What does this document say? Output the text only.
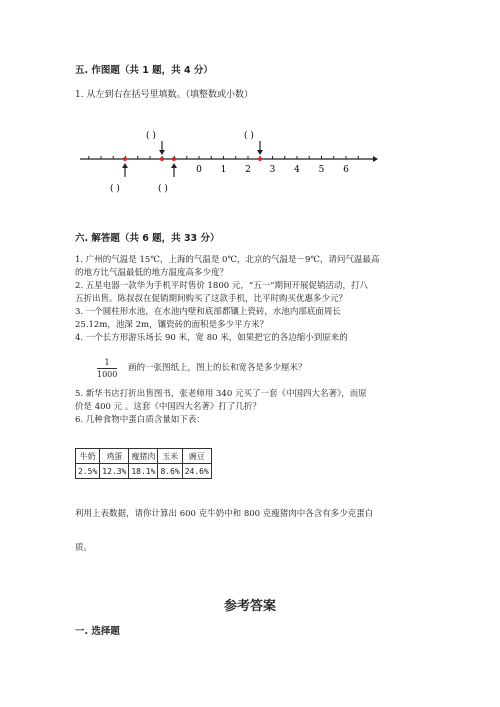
五. 作图题（共 1 题，共 4 分）
1. 从左到右在括号里填数。（填整数或小数）
( )	( )
0 1 2 3 4 5 6
( )	( )
六. 解答题（共 6 题，共 33 分）
1. 广州的气温是 15℃，上海的气温是 0℃，北京的气温是－9℃，请问气温最高
的地方比气温最低的地方温度高多少度？
2. 五星电器一款华为手机平时售价 1800 元，“五一”期间开展促销活动，打八
五折出售。陈叔叔在促销期间购买了这款手机，比平时购买优惠多少元？
3. 一个圆柱形水池，在水池内壁和底部都镶上瓷砖，水池内部底面周长
25.12m，池深 2m，镶瓷砖的面积是多少平方米？
4. 一个长方形游乐场长 90 米，宽 80 米，如果把它的各边缩小到原来的
$\frac{1}{1000}$ 画的一张图纸上，图上的长和宽各是多少厘米？
5. 新华书店打折出售图书，张老师用 340 元买了一套《中国四大名著》，而原
价是 400 元 。这套《中国四大名著》打了几折？
6. 几种食物中蛋白质含量如下表：
牛奶	鸡蛋	瘦猪肉	玉米	豌豆
2.5%	12.3%	18.1%	8.6%	24.6%
利用上表数据，请你计算出 600 克牛奶中和 800 克瘦猪肉中各含有多少克蛋白
质。
参考答案
一. 选择题
